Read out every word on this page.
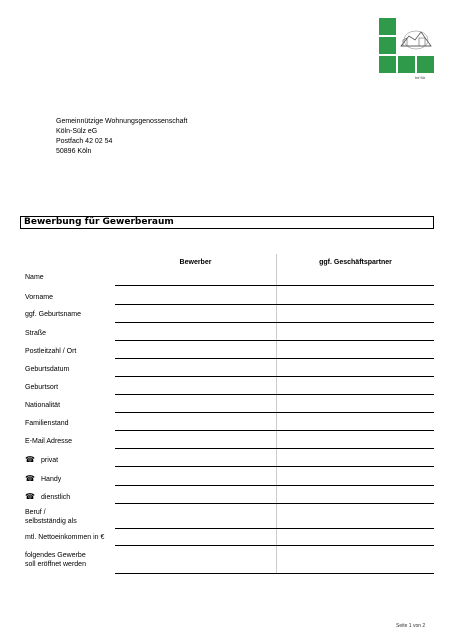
Inf für
Gemeinnützige Wohnungsgenossenschaft
Köln-Sülz eG
Postfach 42 02 54
50896 Köln
Bewerbung für Gewerberaum
Bewerber	ggf. Geschäftspartner
Name
Vorname
ggf. Geburtsname
Straße
Postleitzahl / Ort
Geburtsdatum
Geburtsort
Nationalität
Familienstand
E-Mail Adresse
☎ privat
☎ Handy
☎ dienstlich
Beruf /
selbstständig als
mtl. Nettoeinkommen in €
folgendes Gewerbe
soll eröffnet werden
Seite 1 von 2
